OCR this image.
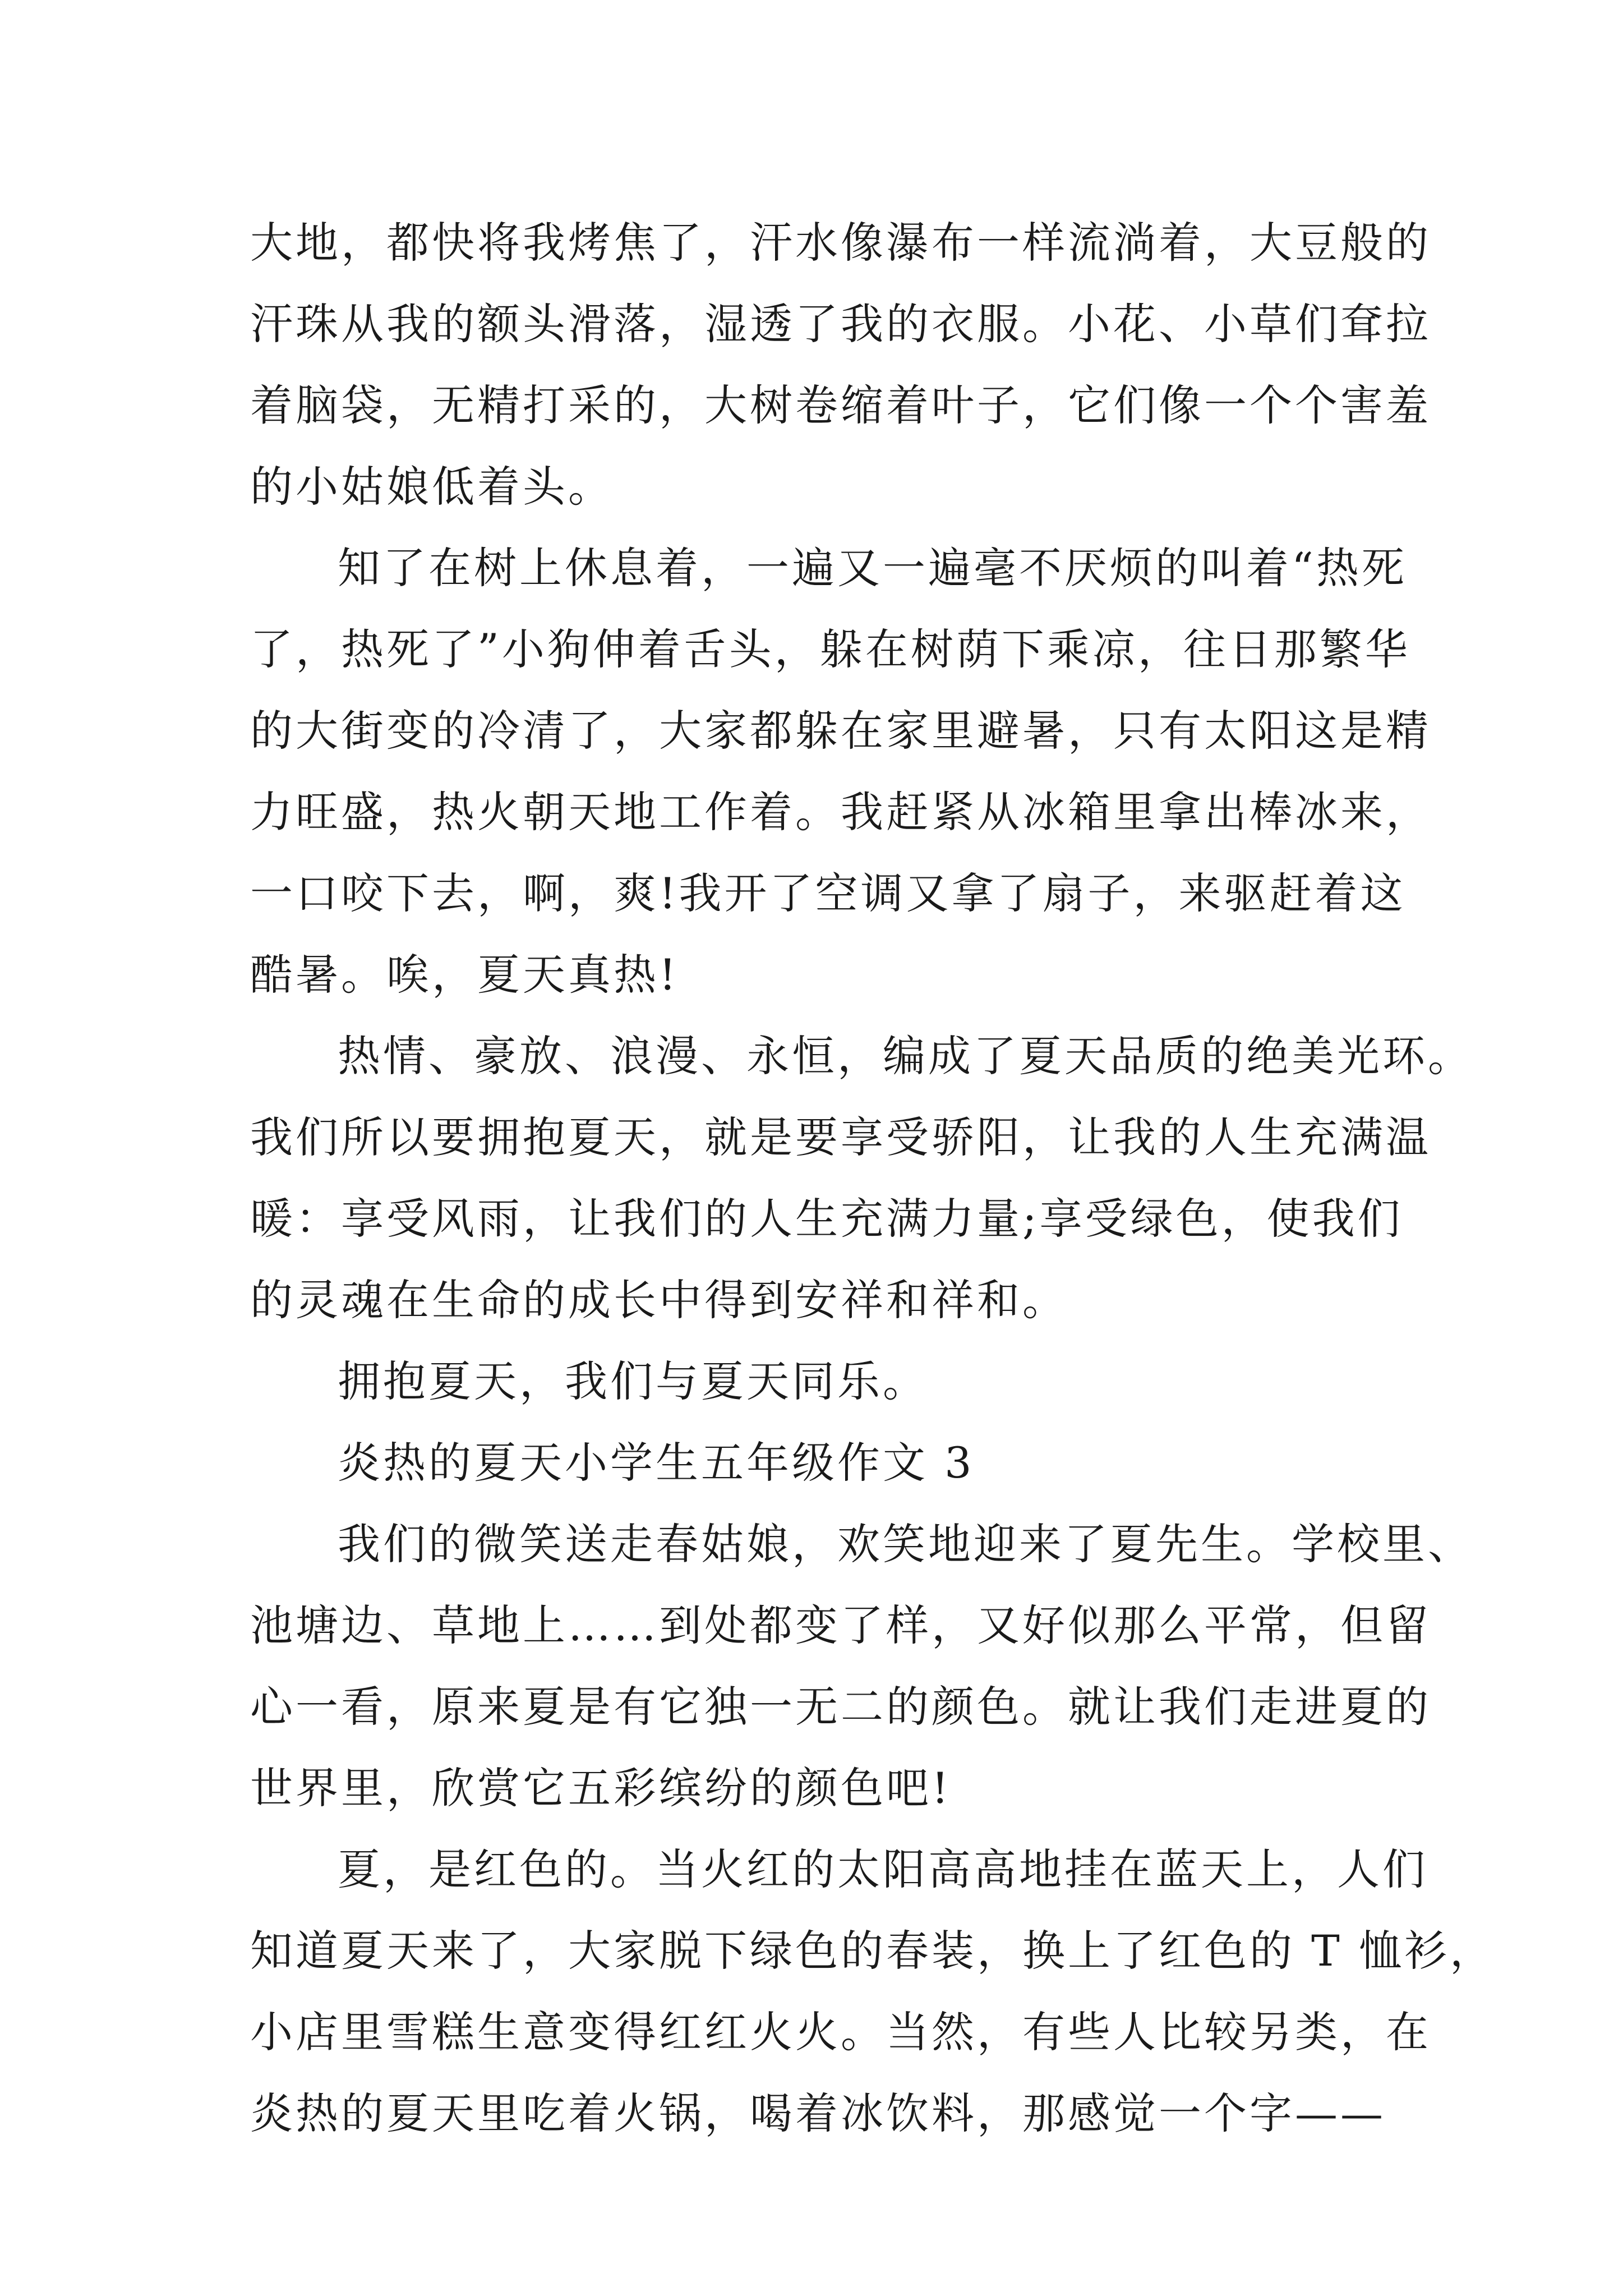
大地，都快将我烤焦了，汗水像瀑布一样流淌着，大豆般的
汗珠从我的额头滑落，湿透了我的衣服。小花、小草们耷拉
着脑袋，无精打采的，大树卷缩着叶子，它们像一个个害羞
的小姑娘低着头。
知了在树上休息着，一遍又一遍毫不厌烦的叫着“热死
了，热死了”小狗伸着舌头，躲在树荫下乘凉，往日那繁华
的大街变的冷清了，大家都躲在家里避暑，只有太阳这是精
力旺盛，热火朝天地工作着。我赶紧从冰箱里拿出棒冰来，
一口咬下去，啊，爽!我开了空调又拿了扇子，来驱赶着这
酷暑。唉，夏天真热!
热情、豪放、浪漫、永恒，编成了夏天品质的绝美光环。
我们所以要拥抱夏天，就是要享受骄阳，让我的人生充满温
暖：享受风雨，让我们的人生充满力量;享受绿色，使我们
的灵魂在生命的成长中得到安祥和祥和。
拥抱夏天，我们与夏天同乐。
炎热的夏天小学生五年级作文 3
我们的微笑送走春姑娘，欢笑地迎来了夏先生。学校里、
池塘边、草地上……到处都变了样，又好似那么平常，但留
心一看，原来夏是有它独一无二的颜色。就让我们走进夏的
世界里，欣赏它五彩缤纷的颜色吧!
夏，是红色的。当火红的太阳高高地挂在蓝天上，人们
知道夏天来了，大家脱下绿色的春装，换上了红色的 T 恤衫，
小店里雪糕生意变得红红火火。当然，有些人比较另类，在
炎热的夏天里吃着火锅，喝着冰饮料，那感觉一个字——
